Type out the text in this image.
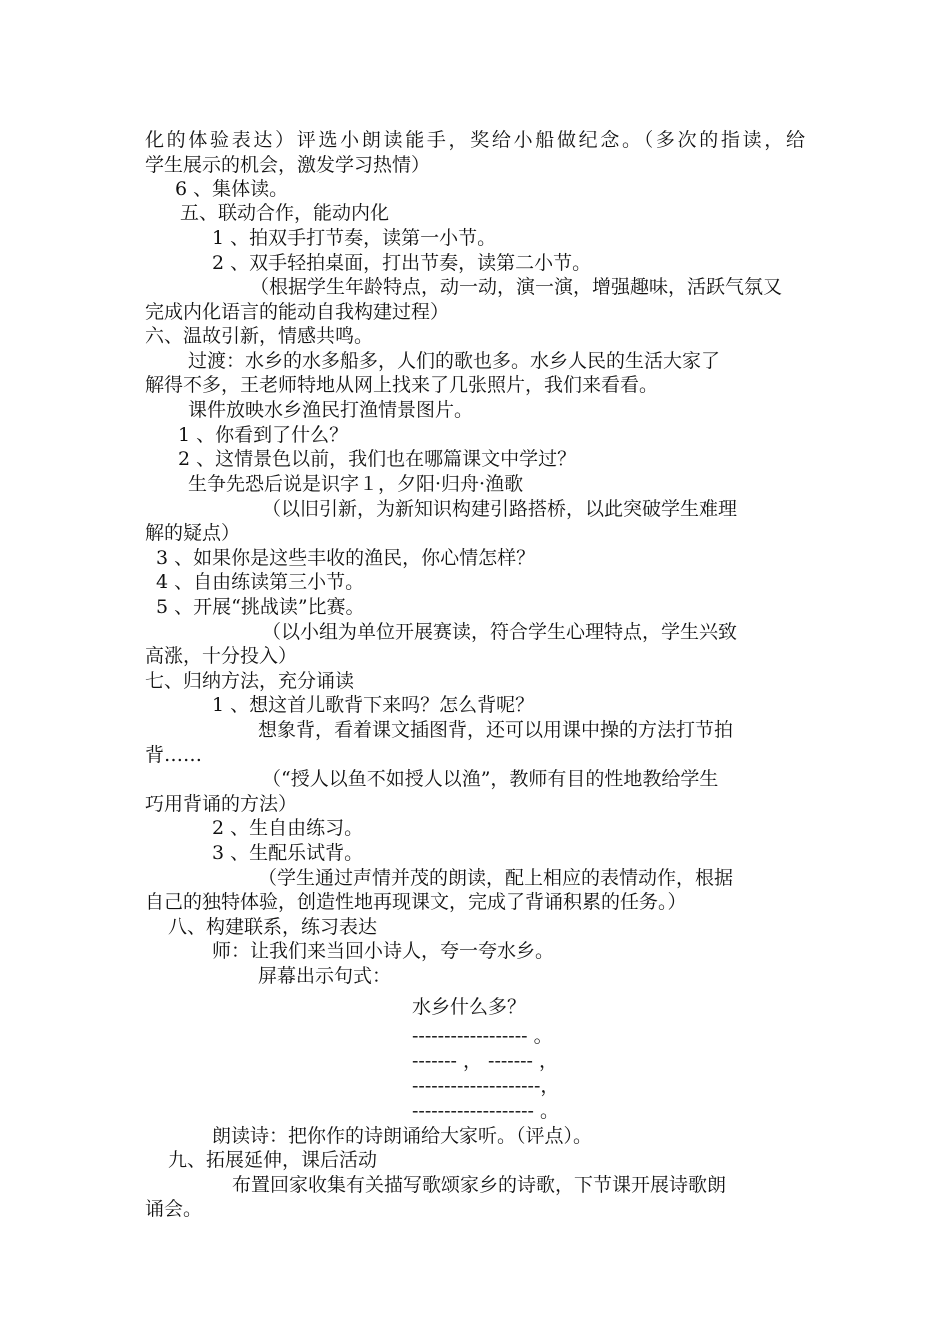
化的体验表达）评选小朗读能手，奖给小船做纪念。（多次的指读，给
学生展示的机会，激发学习热情）
6 、集体读。
五、联动合作，能动内化
1 、拍双手打节奏，读第一小节。
2 、双手轻拍桌面，打出节奏，读第二小节。
（根据学生年龄特点，动一动，演一演，增强趣味，活跃气氛又
完成内化语言的能动自我构建过程）
六、温故引新，情感共鸣。
过渡：水乡的水多船多，人们的歌也多。水乡人民的生活大家了
解得不多，王老师特地从网上找来了几张照片，我们来看看。
课件放映水乡渔民打渔情景图片。
1 、你看到了什么？
2 、这情景色以前，我们也在哪篇课文中学过？
生争先恐后说是识字１，夕阳·归舟·渔歌
（以旧引新，为新知识构建引路搭桥，以此突破学生难理
解的疑点）
3 、如果你是这些丰收的渔民，你心情怎样？
4 、自由练读第三小节。
5 、开展“挑战读”比赛。
（以小组为单位开展赛读，符合学生心理特点，学生兴致
高涨，十分投入）
七、归纳方法，充分诵读
1 、想这首儿歌背下来吗？怎么背呢？
想象背，看着课文插图背，还可以用课中操的方法打节拍
背……
（“授人以鱼不如授人以渔”，教师有目的性地教给学生
巧用背诵的方法）
2 、生自由练习。
3 、生配乐试背。
（学生通过声情并茂的朗读，配上相应的表情动作，根据
自己的独特体验，创造性地再现课文，完成了背诵积累的任务。）
八、构建联系，练习表达
师：让我们来当回小诗人，夸一夸水乡。
屏幕出示句式：
水乡什么多？
------------------ 。
------- ， ------- ，
--------------------，
------------------- 。
朗读诗：把你作的诗朗诵给大家听。（评点）。
九、拓展延伸，课后活动
布置回家收集有关描写歌颂家乡的诗歌，下节课开展诗歌朗
诵会。
